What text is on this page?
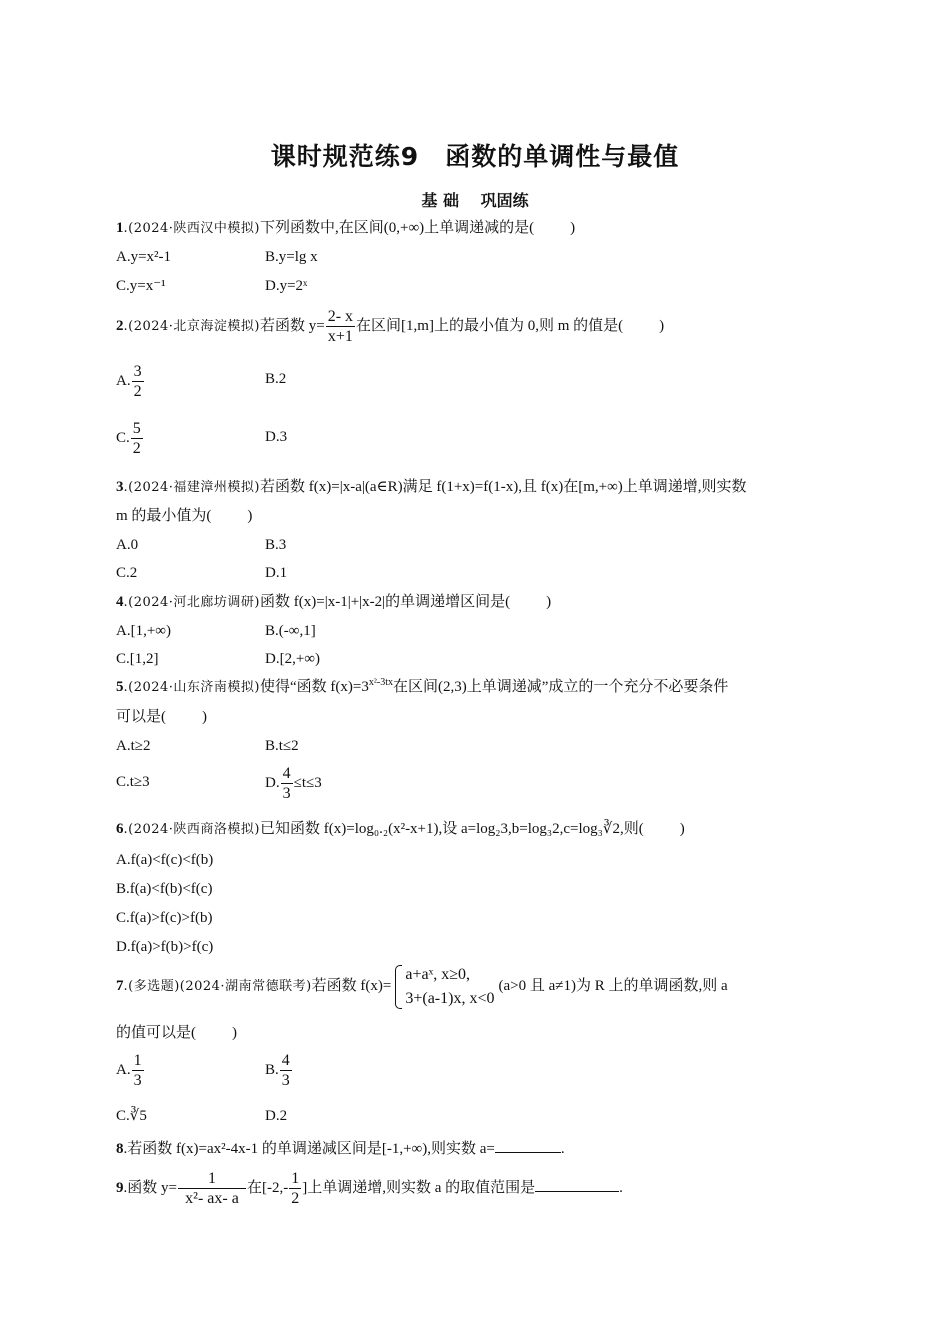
课时规范练9　函数的单调性与最值
基 础　 巩固练
1.(2024·陕西汉中模拟)下列函数中,在区间(0,+∞)上单调递减的是( )
A.y=x²-1	B.y=lg x
C.y=x⁻¹	D.y=2ˣ
2.(2024·北京海淀模拟)若函数 $y= \frac{2- x}{x+1}$ 在区间[1,m]上的最小值为 0,则 m 的值是( )
A. $\frac{3}{2}$	B.2
C. $\frac{5}{2}$	D.3
3.(2024·福建漳州模拟)若函数 f(x)=|x-a|(a∈R)满足 f(1+x)=f(1-x),且 f(x)在[m,+∞)上单调递增,则实数
m 的最小值为( )
A.0	B.3
C.2	D.1
4.(2024·河北廊坊调研)函数 f(x)=|x-1|+|x-2|的单调递增区间是( )
A.[1,+∞)	B.(-∞,1]
C.[1,2]	D.[2,+∞)
5.(2024·山东济南模拟)使得“函数 $f(x)=3^{x^2-3tx}$在区间(2,3)上单调递减”成立的一个充分不必要条件
可以是( )
A.t≥2	B.t≤2
C.t≥3	D. $\frac{4}{3} \le t\le 3$
6.(2024·陕西商洛模拟)已知函数 f(x)=log₀.₂(x²-x+1),设 a=log₂3,b=log₃2,c=log₃∛2,则( )
A.f(a)<f(c)<f(b)
B.f(a)<f(b)<f(c)
C.f(a)>f(c)>f(b)
D.f(a)>f(b)>f(c)
7.(多选题)(2024·湖南常德联考)若函数 f(x)=
a+aˣ, x≥0,
3+(a-1)x, x<0
(a>0 且 a≠1)为 R 上的单调函数,则 a
的值可以是( )
A. $\frac{1}{3}$	B. $\frac{4}{3}$
C.∛5	D.2
8.若函数 f(x)=ax²-4x-1 的单调递减区间是[-1,+∞),则实数 a=	.
9.函数 $y= \frac{1}{\text{x²- ax- a}}$ 在[$-2,- \frac{1}{2}$ ]上单调递增,则实数 a 的取值范围是	.
